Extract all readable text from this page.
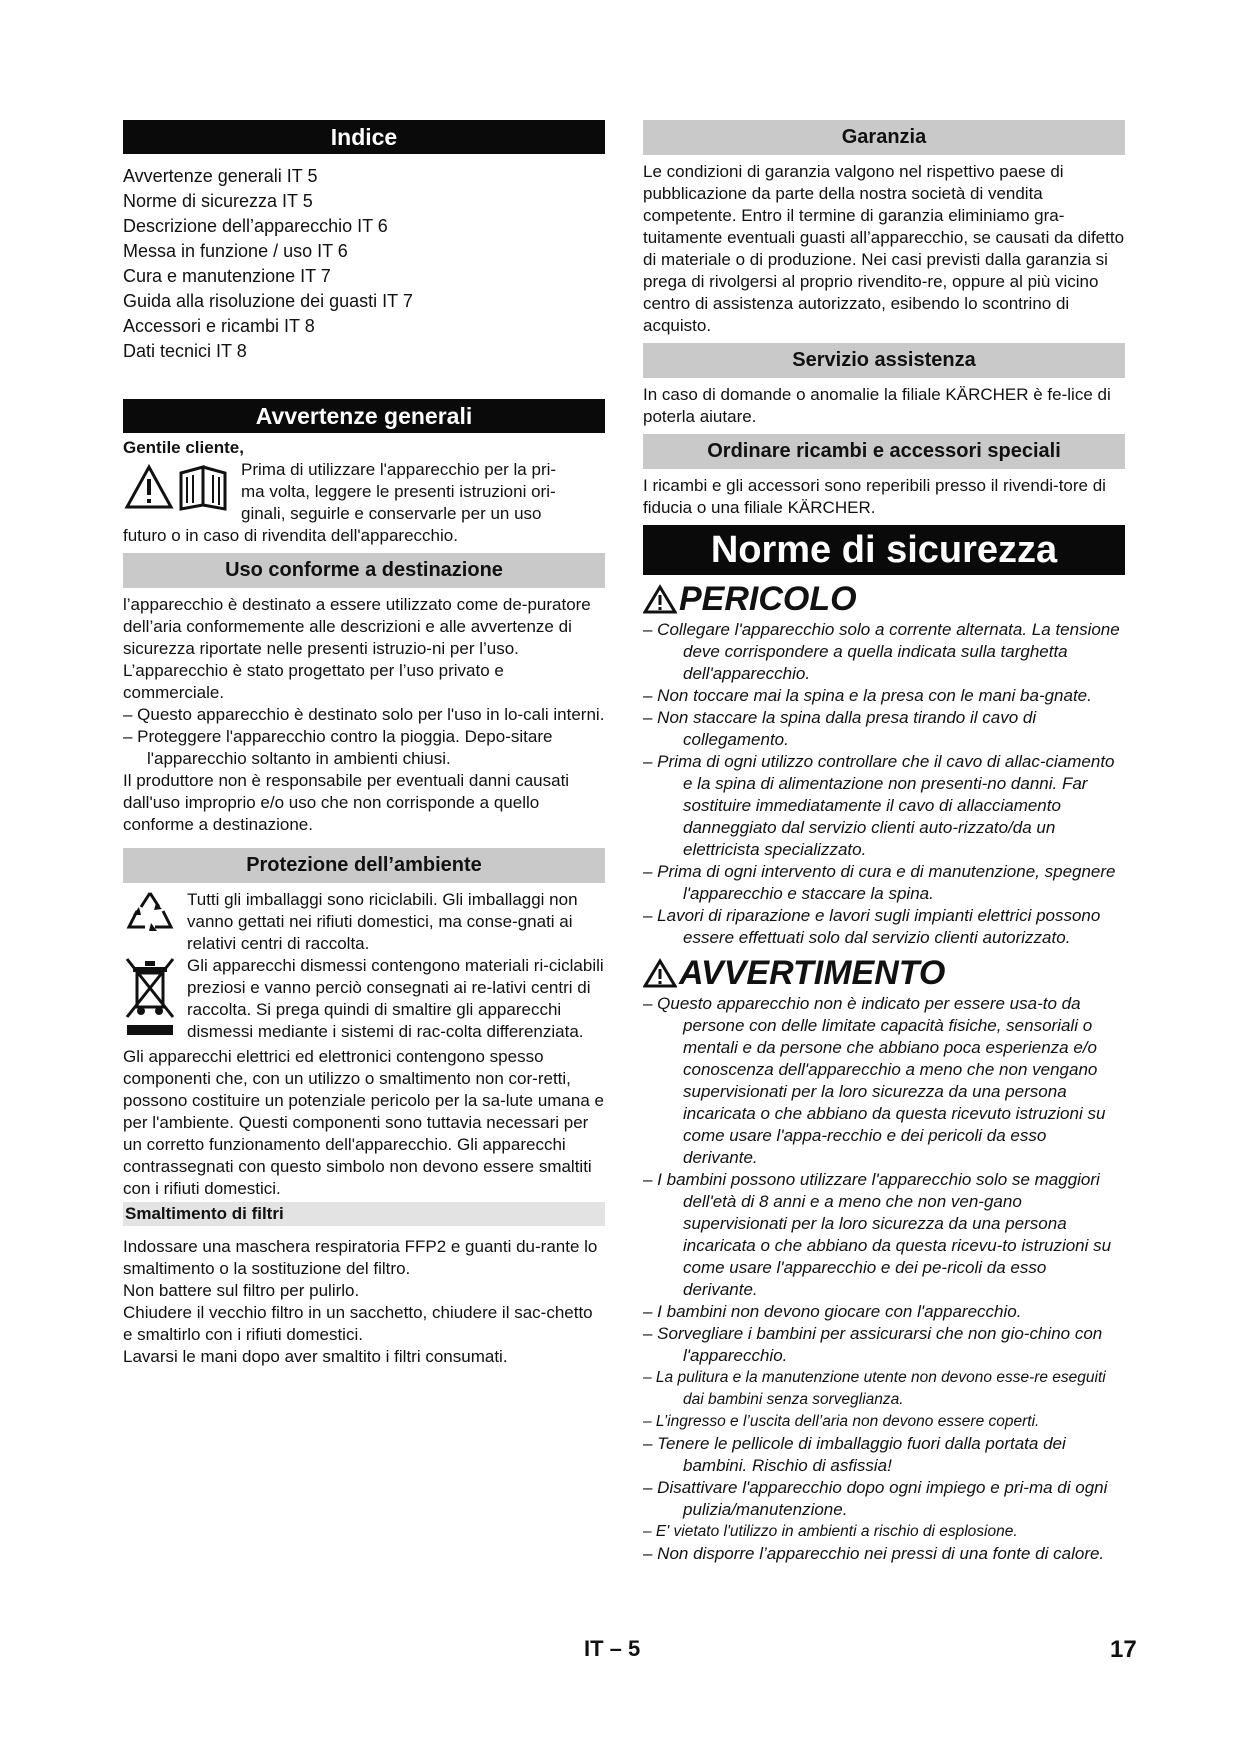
Indice

Avvertenze generali IT 5

Norme di sicurezza IT 5

Descrizione dell’apparecchio IT 6

Messa in funzione / uso IT 6

Cura e manutenzione IT 7

Guida alla risoluzione dei guasti IT 7

Accessori e ricambi IT 8

Dati tecnici IT 8

Avvertenze generali

Gentile cliente,

Prima di utilizzare l'apparecchio per la pri-

ma volta, leggere le presenti istruzioni ori-

ginali, seguirle e conservarle per un uso

futuro o in caso di rivendita dell'apparecchio.

Uso conforme a destinazione

l’apparecchio è destinato a essere utilizzato come de-puratore dell’aria conformemente alle descrizioni e alle avvertenze di sicurezza riportate nelle presenti istruzio-ni per l’uso.

L’apparecchio è stato progettato per l’uso privato e commerciale.

– Questo apparecchio è destinato solo per l'uso in lo-cali interni.

– Proteggere l'apparecchio contro la pioggia. Depo-sitare l'apparecchio soltanto in ambienti chiusi.

Il produttore non è responsabile per eventuali danni causati dall'uso improprio e/o uso che non corrisponde a quello conforme a destinazione.

Protezione dell’ambiente

Tutti gli imballaggi sono riciclabili. Gli imballaggi non vanno gettati nei rifiuti domestici, ma conse-gnati ai relativi centri di raccolta.

Gli apparecchi dismessi contengono materiali ri-ciclabili preziosi e vanno perciò consegnati ai re-lativi centri di raccolta. Si prega quindi di smaltire gli apparecchi dismessi mediante i sistemi di rac-colta differenziata.

Gli apparecchi elettrici ed elettronici contengono spesso componenti che, con un utilizzo o smaltimento non cor-retti, possono costituire un potenziale pericolo per la sa-lute umana e per l'ambiente. Questi componenti sono tuttavia necessari per un corretto funzionamento dell'apparecchio. Gli apparecchi contrassegnati con questo simbolo non devono essere smaltiti con i rifiuti domestici.

Smaltimento di filtri

Indossare una maschera respiratoria FFP2 e guanti du-rante lo smaltimento o la sostituzione del filtro.

Non battere sul filtro per pulirlo.

Chiudere il vecchio filtro in un sacchetto, chiudere il sac-chetto e smaltirlo con i rifiuti domestici.

Lavarsi le mani dopo aver smaltito i filtri consumati.

Garanzia

Le condizioni di garanzia valgono nel rispettivo paese di pubblicazione da parte della nostra società di vendita competente. Entro il termine di garanzia eliminiamo gra-tuitamente eventuali guasti all’apparecchio, se causati da difetto di materiale o di produzione. Nei casi previsti dalla garanzia si prega di rivolgersi al proprio rivendito-re, oppure al più vicino centro di assistenza autorizzato, esibendo lo scontrino di acquisto.

Servizio assistenza

In caso di domande o anomalie la filiale KÄRCHER è fe-lice di poterla aiutare.

Ordinare ricambi e accessori speciali

I ricambi e gli accessori sono reperibili presso il rivendi-tore di fiducia o una filiale KÄRCHER.

Norme di sicurezza
PERICOLO

– Collegare l'apparecchio solo a corrente alternata. La tensione deve corrispondere a quella indicata sulla targhetta dell'apparecchio.

– Non toccare mai la spina e la presa con le mani ba-gnate.

– Non staccare la spina dalla presa tirando il cavo di collegamento.

– Prima di ogni utilizzo controllare che il cavo di allac-ciamento e la spina di alimentazione non presenti-no danni. Far sostituire immediatamente il cavo di allacciamento danneggiato dal servizio clienti auto-rizzato/da un elettricista specializzato.

– Prima di ogni intervento di cura e di manutenzione, spegnere l'apparecchio e staccare la spina.

– Lavori di riparazione e lavori sugli impianti elettrici possono essere effettuati solo dal servizio clienti autorizzato.

AVVERTIMENTO

– Questo apparecchio non è indicato per essere usa-to da persone con delle limitate capacità fisiche, sensoriali o mentali e da persone che abbiano poca esperienza e/o conoscenza dell'apparecchio a meno che non vengano supervisionati per la loro sicurezza da una persona incaricata o che abbiano da questa ricevuto istruzioni su come usare l'appa-recchio e dei pericoli da esso derivante.

– I bambini possono utilizzare l'apparecchio solo se maggiori dell'età di 8 anni e a meno che non ven-gano supervisionati per la loro sicurezza da una persona incaricata o che abbiano da questa ricevu-to istruzioni su come usare l'apparecchio e dei pe-ricoli da esso derivante.

– I bambini non devono giocare con l'apparecchio.

– Sorvegliare i bambini per assicurarsi che non gio-chino con l'apparecchio.

– La pulitura e la manutenzione utente non devono esse-re eseguiti dai bambini senza sorveglianza.

– L’ingresso e l’uscita dell’aria non devono essere coperti.

– Tenere le pellicole di imballaggio fuori dalla portata dei bambini. Rischio di asfissia!

– Disattivare l'apparecchio dopo ogni impiego e pri-ma di ogni pulizia/manutenzione.

– E' vietato l'utilizzo in ambienti a rischio di esplosione.

– Non disporre l’apparecchio nei pressi di una fonte di calore.

IT – 5	17
